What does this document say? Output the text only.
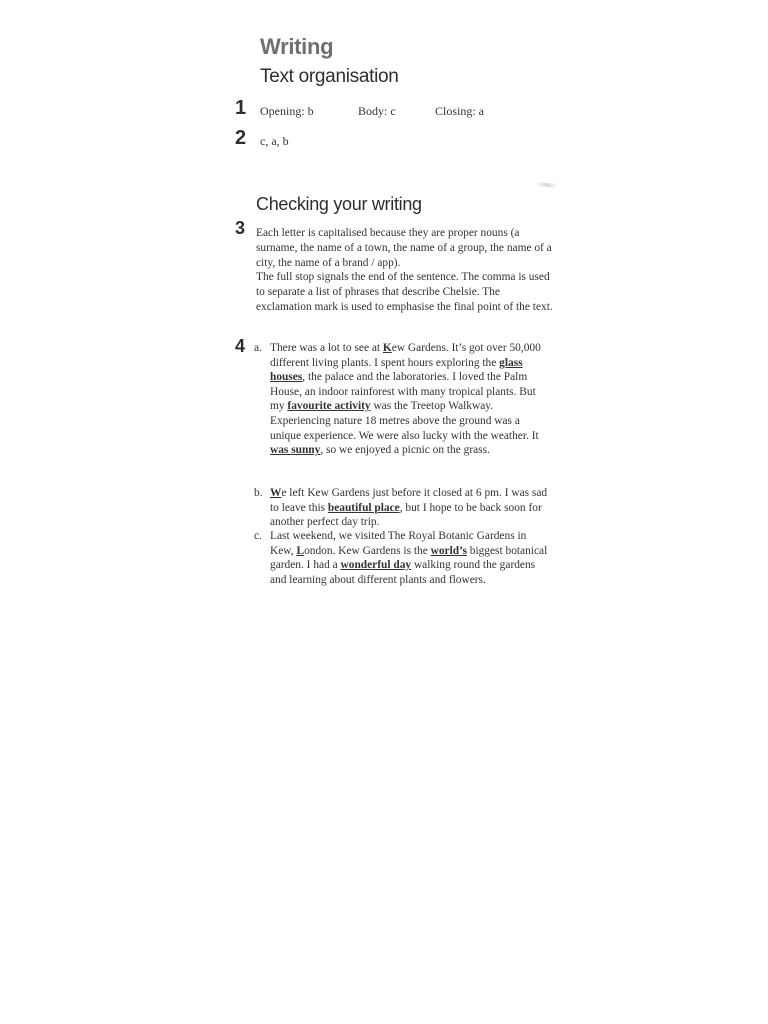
Writing
Text organisation
1 Opening: b	Body: c	Closing: a
2 c, a, b
Checking your writing
3 Each letter is capitalised because they are proper nouns (a surname, the name of a town, the name of a group, the name of a city, the name of a brand / app).

The full stop signals the end of the sentence. The comma is used to separate a list of phrases that describe Chelsie. The exclamation mark is used to emphasise the final point of the text.

4 a. There was a lot to see at Kew Gardens. It’s got over 50,000 different living plants. I spent hours exploring the glass houses, the palace and the laboratories. I loved the Palm House, an indoor rainforest with many tropical plants. But my favourite activity was the Treetop Walkway. Experiencing nature 18 metres above the ground was a unique experience. We were also lucky with the weather. It was sunny, so we enjoyed a picnic on the grass.
b. We left Kew Gardens just before it closed at 6 pm. I was sad to leave this beautiful place, but I hope to be back soon for another perfect day trip.
c. Last weekend, we visited The Royal Botanic Gardens in Kew, London. Kew Gardens is the world’s biggest botanical garden. I had a wonderful day walking round the gardens and learning about different plants and flowers.
